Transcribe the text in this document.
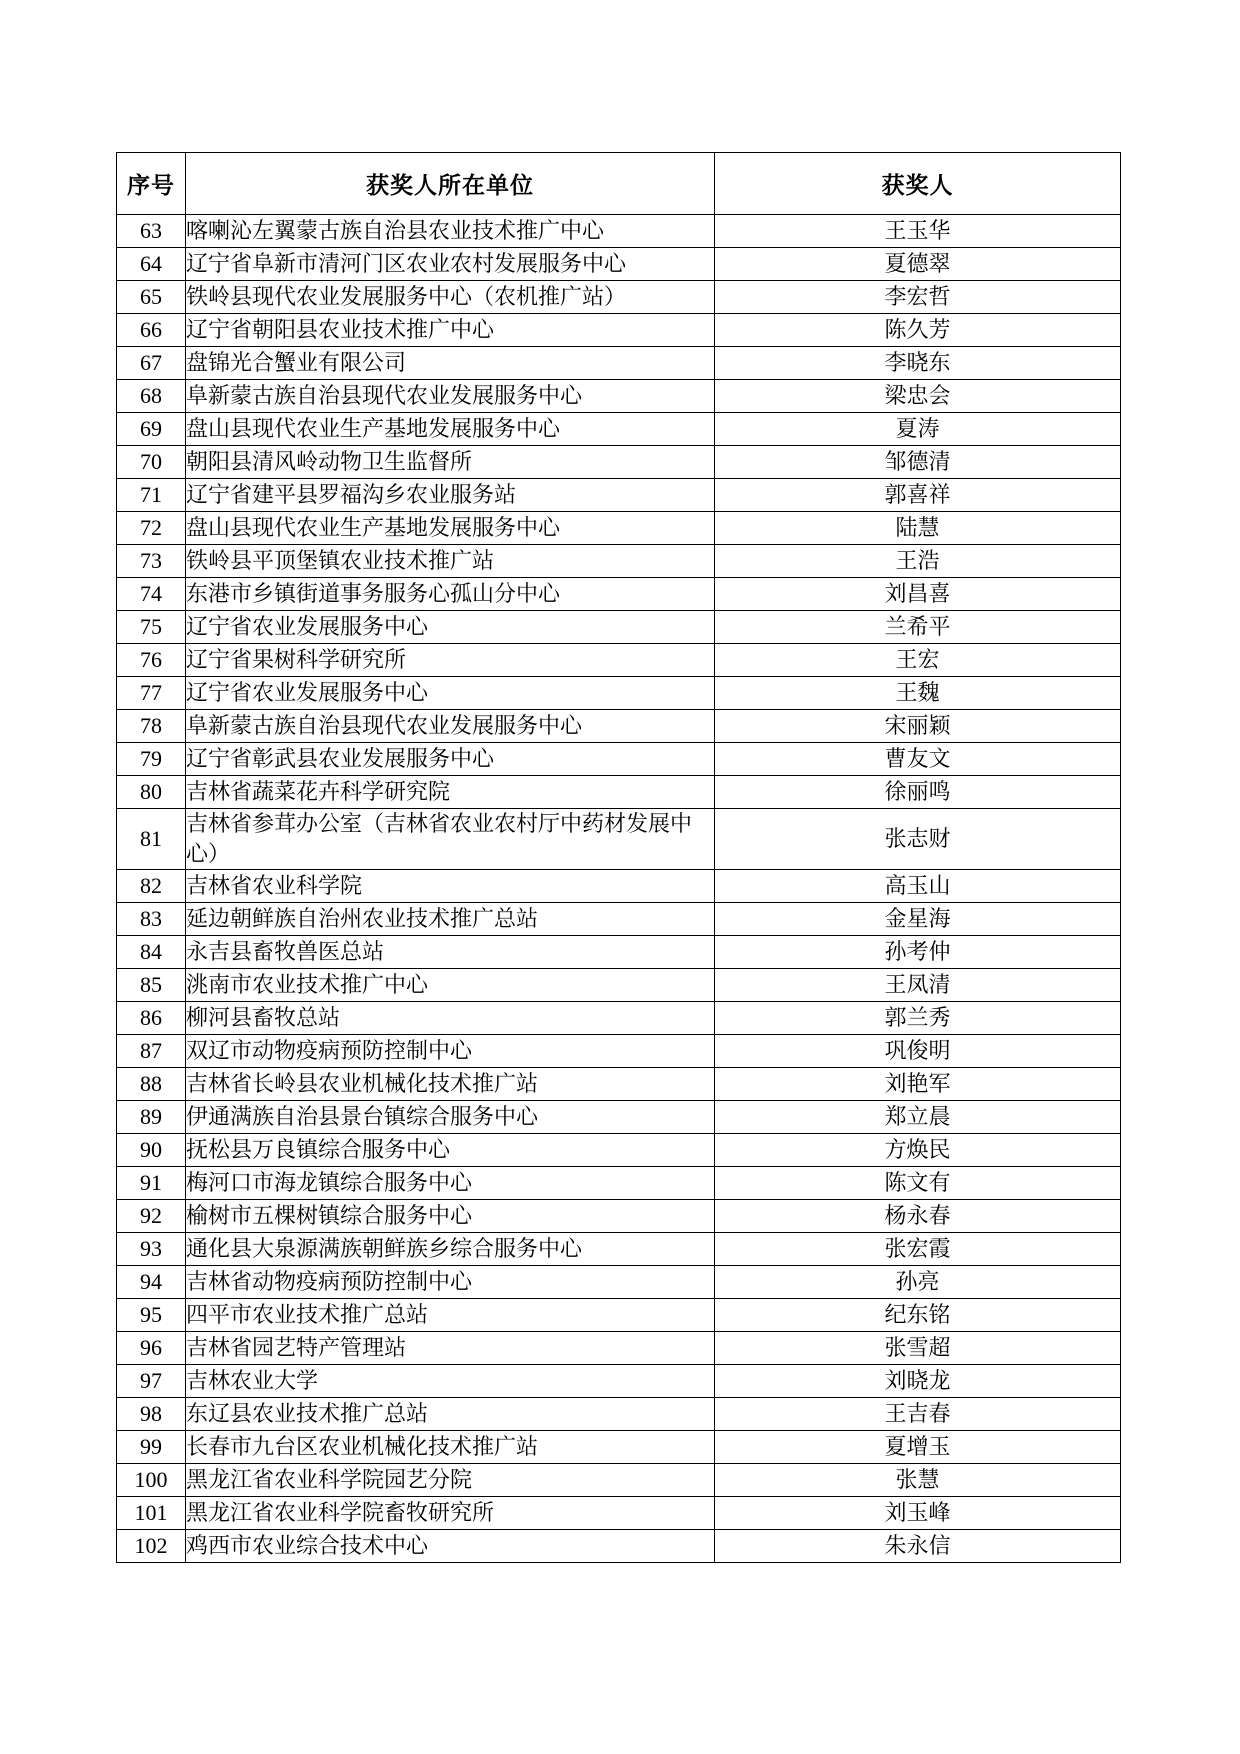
序号	获奖人所在单位	获奖人
63	喀喇沁左翼蒙古族自治县农业技术推广中心	王玉华
64	辽宁省阜新市清河门区农业农村发展服务中心	夏德翠
65	铁岭县现代农业发展服务中心（农机推广站）	李宏哲
66	辽宁省朝阳县农业技术推广中心	陈久芳
67	盘锦光合蟹业有限公司	李晓东
68	阜新蒙古族自治县现代农业发展服务中心	梁忠会
69	盘山县现代农业生产基地发展服务中心	夏涛
70	朝阳县清风岭动物卫生监督所	邹德清
71	辽宁省建平县罗福沟乡农业服务站	郭喜祥
72	盘山县现代农业生产基地发展服务中心	陆慧
73	铁岭县平顶堡镇农业技术推广站	王浩
74	东港市乡镇街道事务服务心孤山分中心	刘昌喜
75	辽宁省农业发展服务中心	兰希平
76	辽宁省果树科学研究所	王宏
77	辽宁省农业发展服务中心	王魏
78	阜新蒙古族自治县现代农业发展服务中心	宋丽颖
79	辽宁省彰武县农业发展服务中心	曹友文
80	吉林省蔬菜花卉科学研究院	徐丽鸣
81	吉林省参茸办公室（吉林省农业农村厅中药材发展中心）	张志财
82	吉林省农业科学院	高玉山
83	延边朝鲜族自治州农业技术推广总站	金星海
84	永吉县畜牧兽医总站	孙考仲
85	洮南市农业技术推广中心	王凤清
86	柳河县畜牧总站	郭兰秀
87	双辽市动物疫病预防控制中心	巩俊明
88	吉林省长岭县农业机械化技术推广站	刘艳军
89	伊通满族自治县景台镇综合服务中心	郑立晨
90	抚松县万良镇综合服务中心	方焕民
91	梅河口市海龙镇综合服务中心	陈文有
92	榆树市五棵树镇综合服务中心	杨永春
93	通化县大泉源满族朝鲜族乡综合服务中心	张宏霞
94	吉林省动物疫病预防控制中心	孙亮
95	四平市农业技术推广总站	纪东铭
96	吉林省园艺特产管理站	张雪超
97	吉林农业大学	刘晓龙
98	东辽县农业技术推广总站	王吉春
99	长春市九台区农业机械化技术推广站	夏增玉
100	黑龙江省农业科学院园艺分院	张慧
101	黑龙江省农业科学院畜牧研究所	刘玉峰
102	鸡西市农业综合技术中心	朱永信
